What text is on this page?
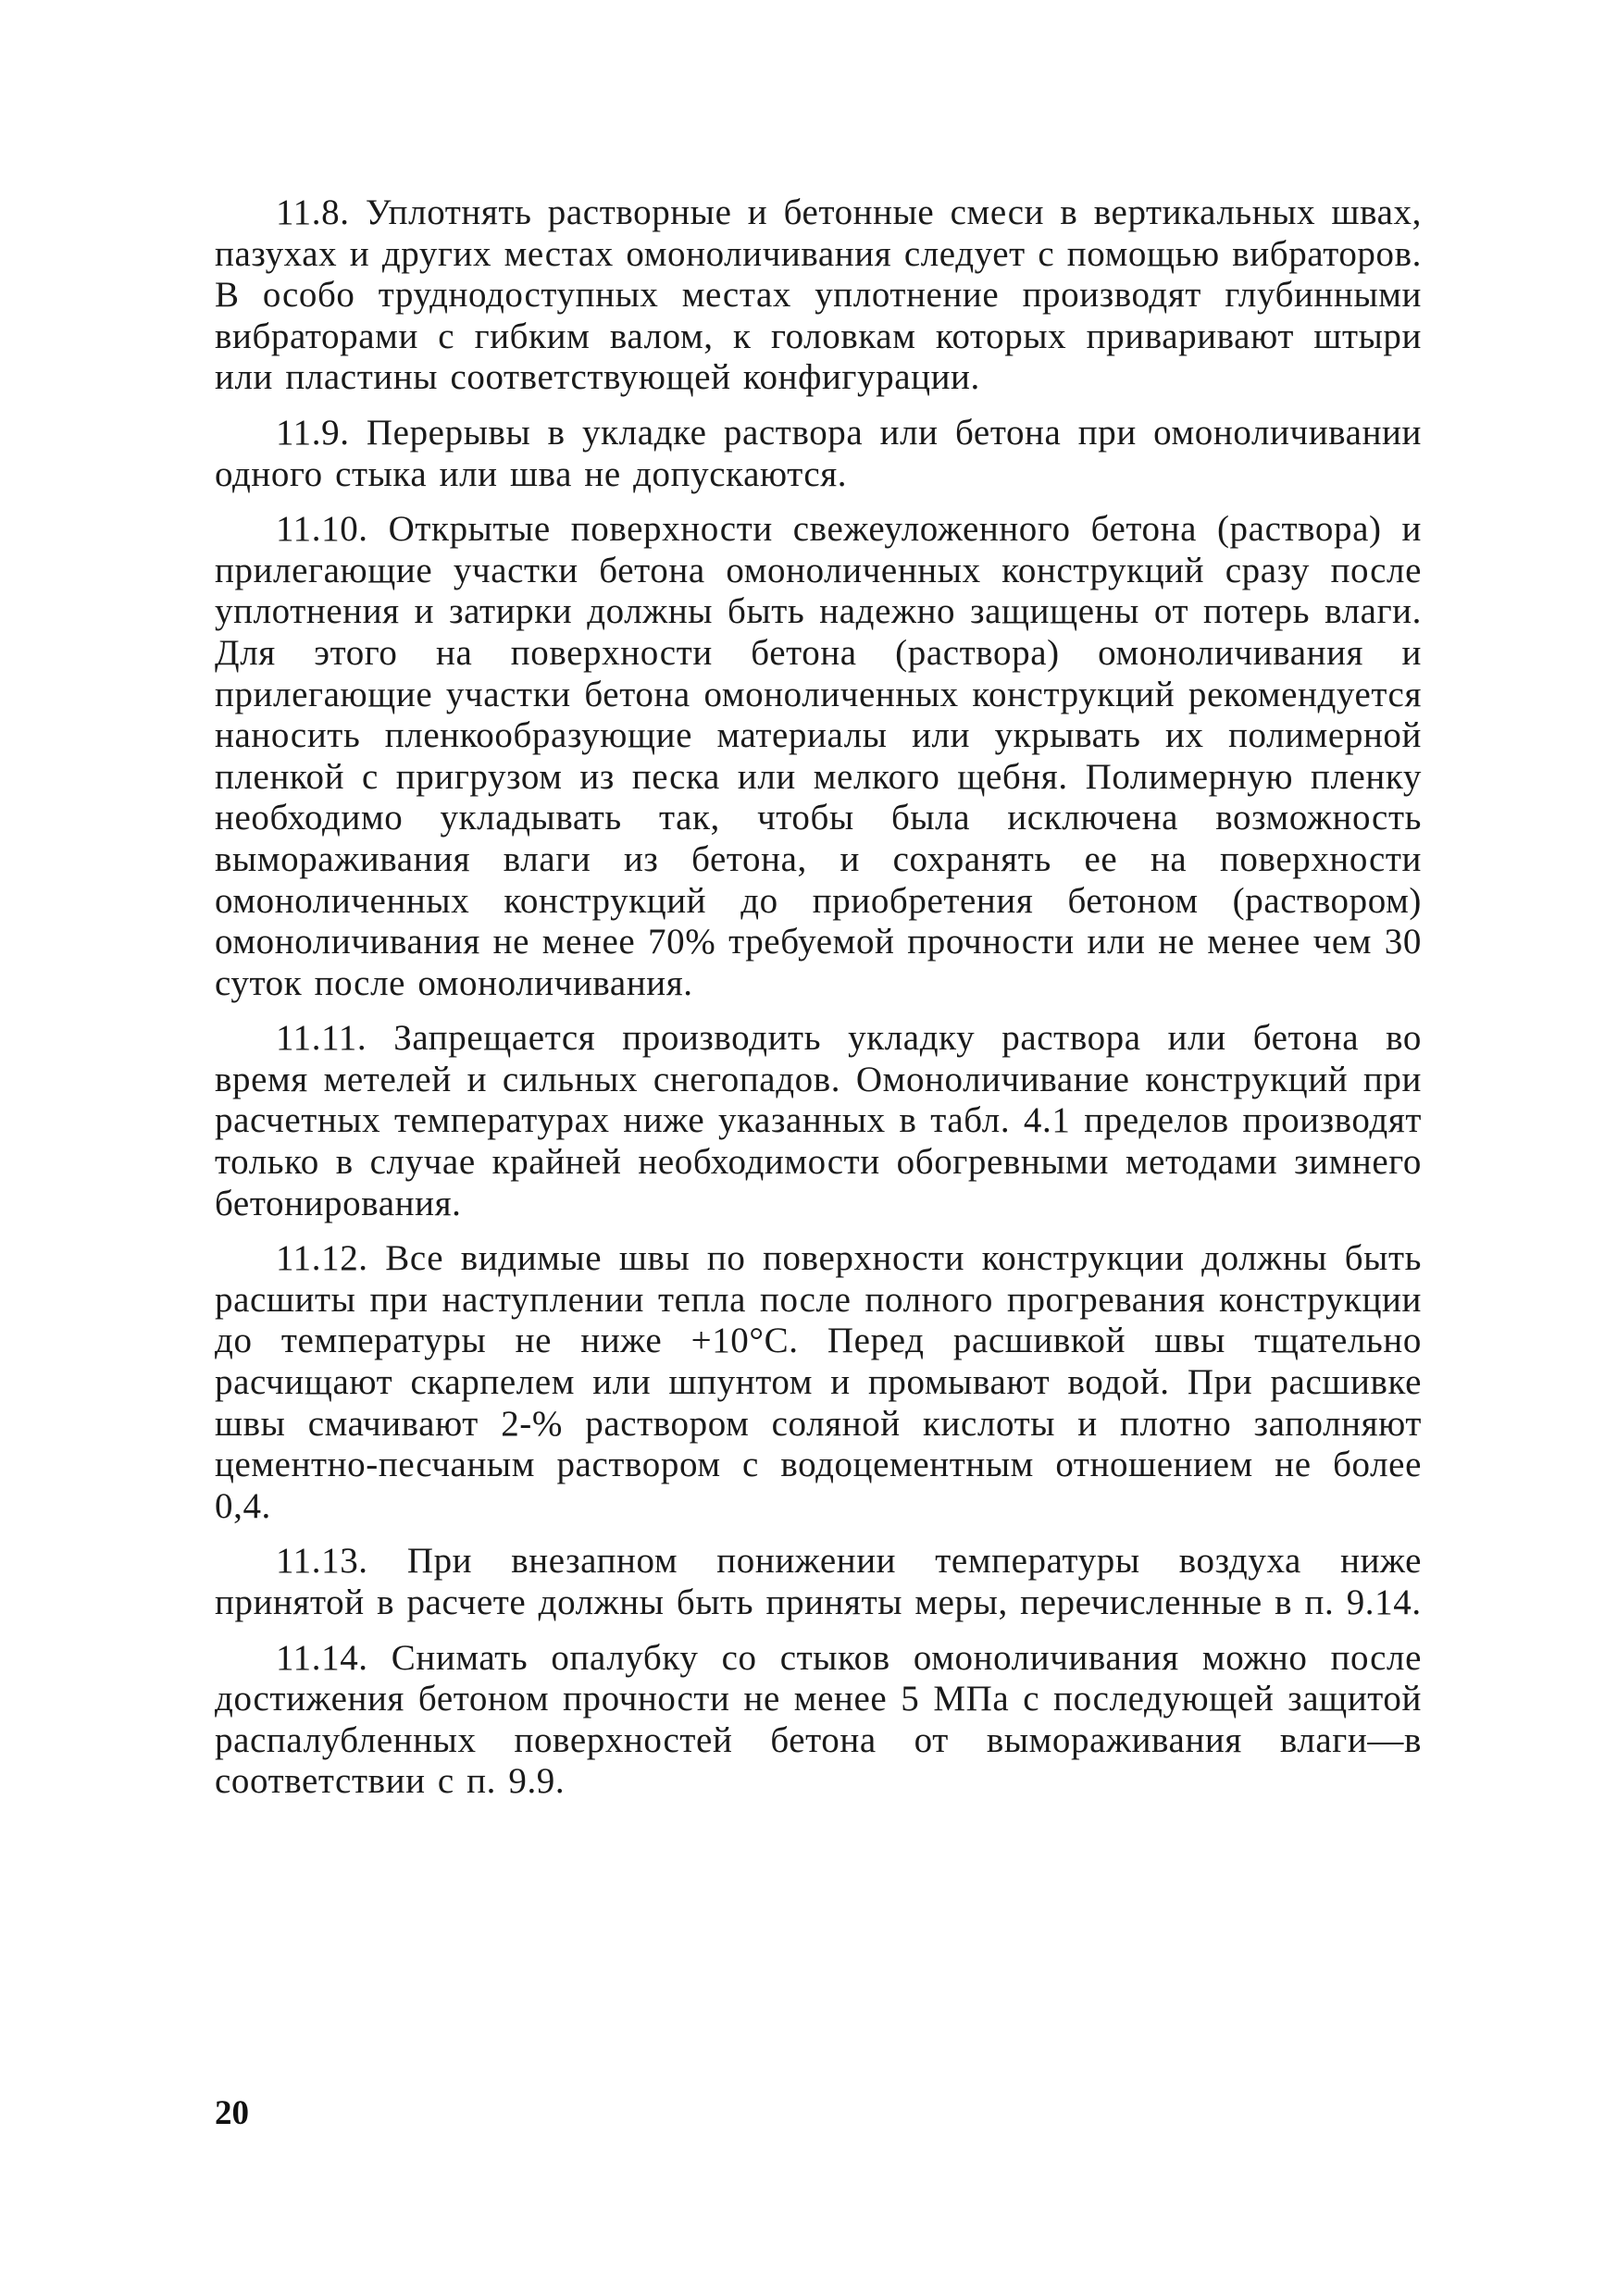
11.8. Уплотнять растворные и бетонные смеси в вертикальных швах, пазухах и других местах омоноличивания следует с помощью вибраторов. В особо труднодоступных местах уплотнение производят глубинными вибраторами с гибким валом, к головкам которых приваривают штыри или пластины соответствующей конфигурации.

11.9. Перерывы в укладке раствора или бетона при омоноличивании одного стыка или шва не допускаются.

11.10. Открытые поверхности свежеуложенного бетона (раствора) и прилегающие участки бетона омоноличенных конструкций сразу после уплотнения и затирки должны быть надежно защищены от потерь влаги. Для этого на поверхности бетона (раствора) омоноличивания и прилегающие участки бетона омоноличенных конструкций рекомендуется наносить пленкообразующие материалы или укрывать их полимерной пленкой с пригрузом из песка или мелкого щебня. Полимерную пленку необходимо укладывать так, чтобы была исключена возможность вымораживания влаги из бетона, и сохранять ее на поверхности омоноличенных конструкций до приобретения бетоном (раствором) омоноличивания не менее 70% требуемой прочности или не менее чем 30 суток после омоноличивания.

11.11. Запрещается производить укладку раствора или бетона во время метелей и сильных снегопадов. Омоноличивание конструкций при расчетных температурах ниже указанных в табл. 4.1 пределов производят только в случае крайней необходимости обогревными методами зимнего бетонирования.

11.12. Все видимые швы по поверхности конструкции должны быть расшиты при наступлении тепла после полного прогревания конструкции до температуры не ниже +10°С. Перед расшивкой швы тщательно расчищают скарпелем или шпунтом и промывают водой. При расшивке швы смачивают 2-% раствором соляной кислоты и плотно заполняют цементно-песчаным раствором с водоцементным отношением не более 0,4.

11.13. При внезапном понижении температуры воздуха ниже принятой в расчете должны быть приняты меры, перечисленные в п. 9.14.

11.14. Снимать опалубку со стыков омоноличивания можно после достижения бетоном прочности не менее 5 МПа с последующей защитой распалубленных поверхностей бетона от вымораживания влаги—в соответствии с п. 9.9.

20
